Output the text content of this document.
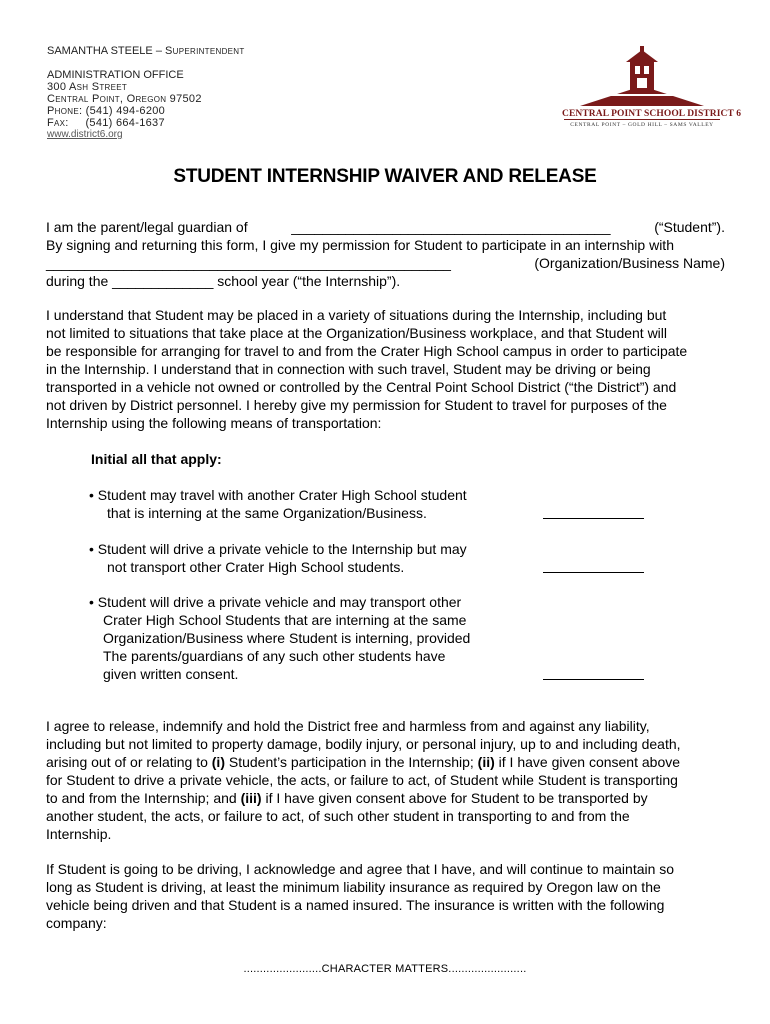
SAMANTHA STEELE – Superintendent
ADMINISTRATION OFFICE
300 Ash Street
Central Point, Oregon 97502
Phone: (541) 494-6200
Fax: (541) 664-1637
www.district6.org
CENTRAL POINT SCHOOL DISTRICT 6
CENTRAL POINT – GOLD HILL – SAMS VALLEY
STUDENT INTERNSHIP WAIVER AND RELEASE
I am the parent/legal guardian of	_________________________________________	(“Student”).
By signing and returning this form, I give my permission for Student to participate in an internship with
____________________________________________________	(Organization/Business Name)
during the _____________ school year (“the Internship”).
I understand that Student may be placed in a variety of situations during the Internship, including but
not limited to situations that take place at the Organization/Business workplace, and that Student will
be responsible for arranging for travel to and from the Crater High School campus in order to participate
in the Internship. I understand that in connection with such travel, Student may be driving or being
transported in a vehicle not owned or controlled by the Central Point School District (“the District”) and
not driven by District personnel. I hereby give my permission for Student to travel for purposes of the
Internship using the following means of transportation:
Initial all that apply:
• Student may travel with another Crater High School student
that is interning at the same Organization/Business.
• Student will drive a private vehicle to the Internship but may
not transport other Crater High School students.
• Student will drive a private vehicle and may transport other
Crater High School Students that are interning at the same
Organization/Business where Student is interning, provided
The parents/guardians of any such other students have
given written consent.
I agree to release, indemnify and hold the District free and harmless from and against any liability,
including but not limited to property damage, bodily injury, or personal injury, up to and including death,
arising out of or relating to (i) Student’s participation in the Internship; (ii) if I have given consent above
for Student to drive a private vehicle, the acts, or failure to act, of Student while Student is transporting
to and from the Internship; and (iii) if I have given consent above for Student to be transported by
another student, the acts, or failure to act, of such other student in transporting to and from the
Internship.
If Student is going to be driving, I acknowledge and agree that I have, and will continue to maintain so
long as Student is driving, at least the minimum liability insurance as required by Oregon law on the
vehicle being driven and that Student is a named insured. The insurance is written with the following
company:
........................CHARACTER MATTERS........................
